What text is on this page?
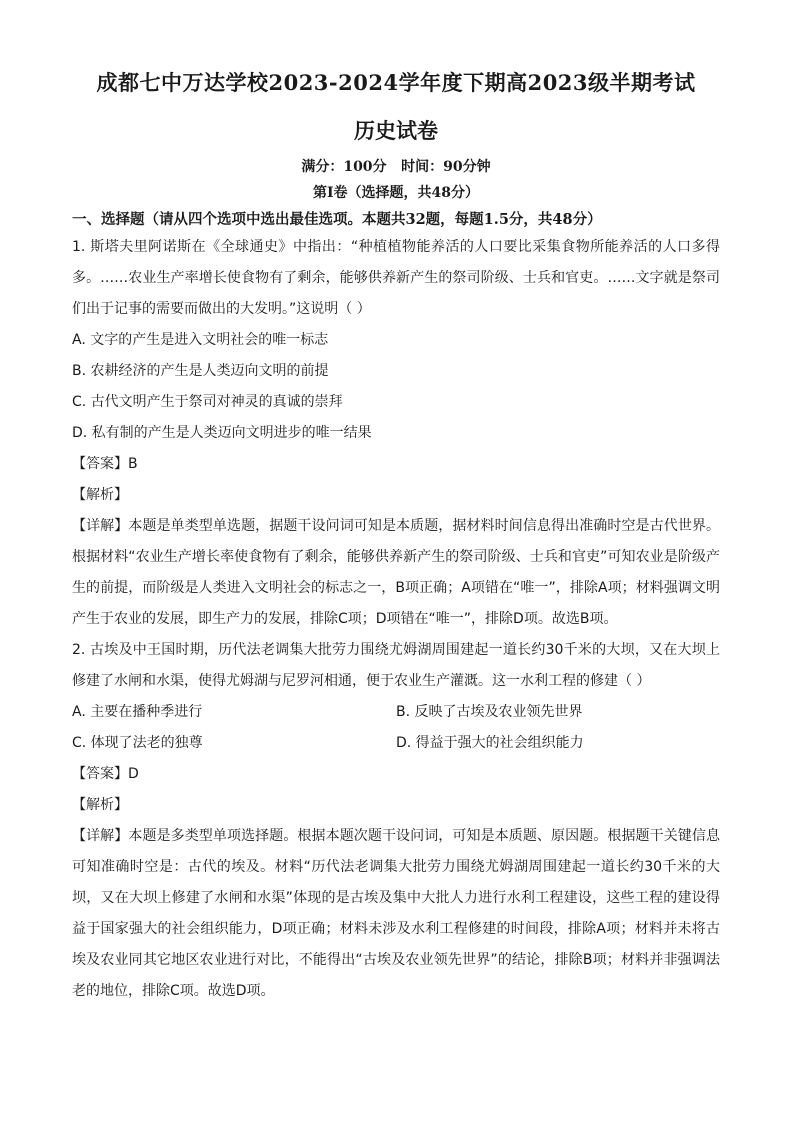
成都七中万达学校2023-2024学年度下期高2023级半期考试
历史试卷
满分：100分   时间：90分钟
第Ⅰ卷（选择题，共48分）
一、选择题（请从四个选项中选出最佳选项。本题共32题，每题1.5分，共48分）
1. 斯塔夫里阿诺斯在《全球通史》中指出：“种植植物能养活的人口要比采集食物所能养活的人口多得多。……农业生产率增长使食物有了剩余，能够供养新产生的祭司阶级、士兵和官吏。……文字就是祭司们出于记事的需要而做出的大发明。”这说明（ ）
A. 文字的产生是进入文明社会的唯一标志
B. 农耕经济的产生是人类迈向文明的前提
C. 古代文明产生于祭司对神灵的真诚的崇拜
D. 私有制的产生是人类迈向文明进步的唯一结果
【答案】B
【解析】
【详解】本题是单类型单选题，据题干设问词可知是本质题，据材料时间信息得出准确时空是古代世界。根据材料“农业生产增长率使食物有了剩余，能够供养新产生的祭司阶级、士兵和官吏”可知农业是阶级产生的前提，而阶级是人类进入文明社会的标志之一，B项正确；A项错在“唯一”，排除A项；材料强调文明产生于农业的发展，即生产力的发展，排除C项；D项错在“唯一”，排除D项。故选B项。
2. 古埃及中王国时期，历代法老调集大批劳力围绕尤姆湖周围建起一道长约30千米的大坝，又在大坝上修建了水闸和水渠，使得尤姆湖与尼罗河相通，便于农业生产灌溉。这一水利工程的修建（ ）
A. 主要在播种季进行	B. 反映了古埃及农业领先世界
C. 体现了法老的独尊	D. 得益于强大的社会组织能力
【答案】D
【解析】
【详解】本题是多类型单项选择题。根据本题次题干设问词，可知是本质题、原因题。根据题干关键信息可知准确时空是：古代的埃及。材料“历代法老调集大批劳力围绕尤姆湖周围建起一道长约30千米的大坝，又在大坝上修建了水闸和水渠”体现的是古埃及集中大批人力进行水利工程建设，这些工程的建设得益于国家强大的社会组织能力，D项正确；材料未涉及水利工程修建的时间段，排除A项；材料并未将古埃及农业同其它地区农业进行对比，不能得出“古埃及农业领先世界”的结论，排除B项；材料并非强调法老的地位，排除C项。故选D项。
